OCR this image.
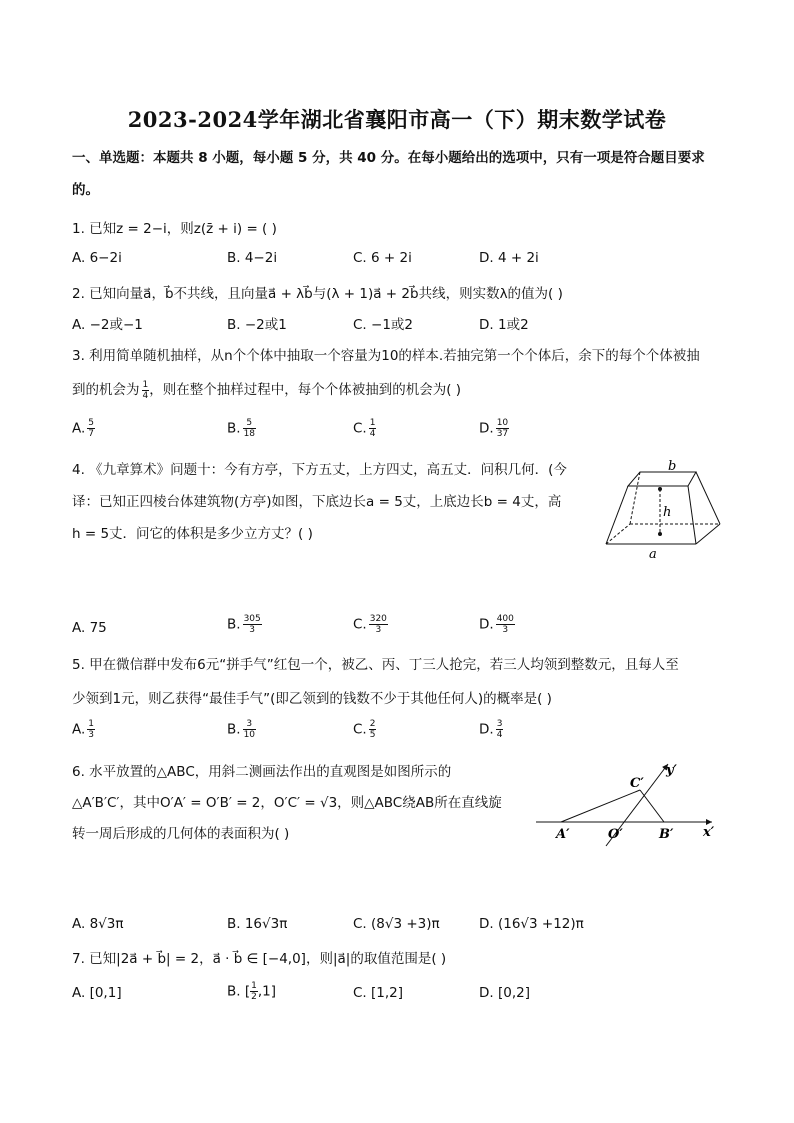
2023-2024学年湖北省襄阳市高一（下）期末数学试卷
一、单选题：本题共 8 小题，每小题 5 分，共 40 分。在每小题给出的选项中，只有一项是符合题目要求
的。
1. 已知z = 2−i，则z(z̄ + i) = ( )
A. 6−2i	B. 4−2i	C. 6 + 2i	D. 4 + 2i
2. 已知向量a⃗，b⃗不共线，且向量a⃗ + λb⃗与(λ + 1)a⃗ + 2b⃗共线，则实数λ的值为( )
A. −2或−1	B. −2或1	C. −1或2	D. 1或2
3. 利用简单随机抽样，从n个个体中抽取一个容量为10的样本.若抽完第一个个体后，余下的每个个体被抽
到的机会为 $\frac{1}{4}$ ，则在整个抽样过程中，每个个体被抽到的机会为( )
A. $\frac{5}{7}$	B. $\frac{5}{18}$	C. $\frac{1}{4}$	D. $\frac{10}{37}$
4. 《九章算术》问题十：今有方亭，下方五丈，上方四丈，高五丈．问积几何．(今
译：已知正四棱台体建筑物(方亭)如图，下底边长a = 5丈，上底边长b = 4丈，高
h = 5丈．问它的体积是多少立方丈？( )
b
h
a
A. 75	B. $\frac{305}{3}$	C. $\frac{320}{3}$	D. $\frac{400}{3}$
5. 甲在微信群中发布6元“拼手气”红包一个，被乙、丙、丁三人抢完，若三人均领到整数元，且每人至
少领到1元，则乙获得“最佳手气”(即乙领到的钱数不少于其他任何人)的概率是( )
A. $\frac{1}{3}$	B. $\frac{3}{10}$	C. $\frac{2}{5}$	D. $\frac{3}{4}$
6. 水平放置的△ABC，用斜二测画法作出的直观图是如图所示的
△A′B′C′，其中O′A′ = O′B′ = 2，O′C′ = √3，则△ABC绕AB所在直线旋
转一周后形成的几何体的表面积为( )
C′
y′
A′	O′	B′ x′
A. 8√3π	B. 16√3π	C. (8√3 +3)π	D. (16√3 +12)π
7. 已知|2a⃗ + b⃗| = 2，a⃗ · b⃗ ∈ [−4,0]，则|a⃗|的取值范围是( )
A. [0,1]	B. [ $\frac{1}{2} ,1$]	C. [1,2]	D. [0,2]
